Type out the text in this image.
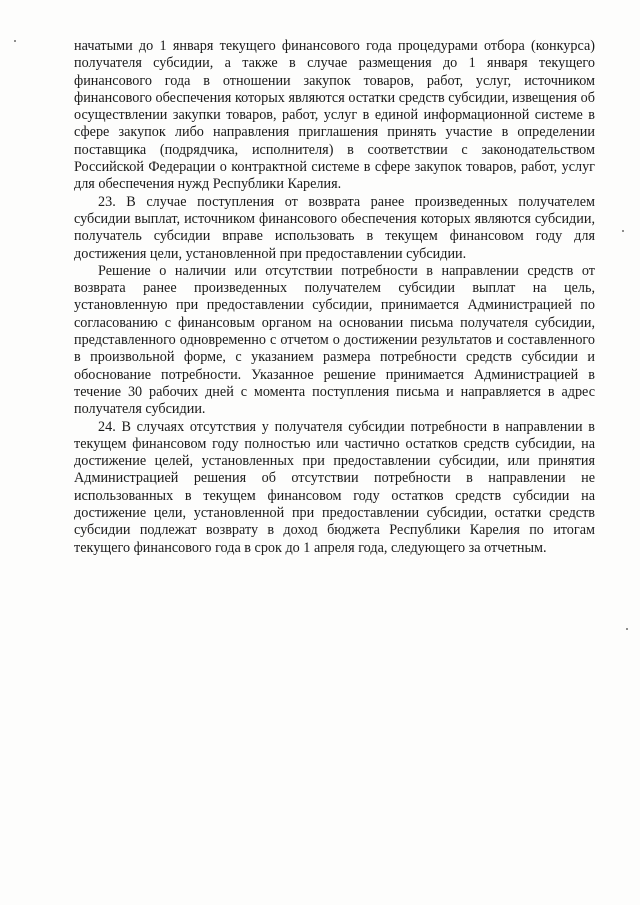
начатыми до 1 января текущего финансового года процедурами отбора (конкурса) получателя субсидии, а также в случае размещения до 1 января текущего финансового года в отношении закупок товаров, работ, услуг, источником финансового обеспечения которых являются остатки средств субсидии, извещения об осуществлении закупки товаров, работ, услуг в единой информационной системе в сфере закупок либо направления приглашения принять участие в определении поставщика (подрядчика, исполнителя) в соответствии с законодательством Российской Федерации о контрактной системе в сфере закупок товаров, работ, услуг для обеспечения нужд Республики Карелия.

23. В случае поступления от возврата ранее произведенных получателем субсидии выплат, источником финансового обеспечения которых являются субсидии, получатель субсидии вправе использовать в текущем финансовом году для достижения цели, установленной при предоставлении субсидии.

Решение о наличии или отсутствии потребности в направлении средств от возврата ранее произведенных получателем субсидии выплат на цель, установленную при предоставлении субсидии, принимается Администрацией по согласованию с финансовым органом на основании письма получателя субсидии, представленного одновременно с отчетом о достижении результатов и составленного в произвольной форме, с указанием размера потребности средств субсидии и обоснование потребности. Указанное решение принимается Администрацией в течение 30 рабочих дней с момента поступления письма и направляется в адрес получателя субсидии.

24. В случаях отсутствия у получателя субсидии потребности в направлении в текущем финансовом году полностью или частично остатков средств субсидии, на достижение целей, установленных при предоставлении субсидии, или принятия Администрацией решения об отсутствии потребности в направлении не использованных в текущем финансовом году остатков средств субсидии на достижение цели, установленной при предоставлении субсидии, остатки средств субсидии подлежат возврату в доход бюджета Республики Карелия по итогам текущего финансового года в срок до 1 апреля года, следующего за отчетным.
